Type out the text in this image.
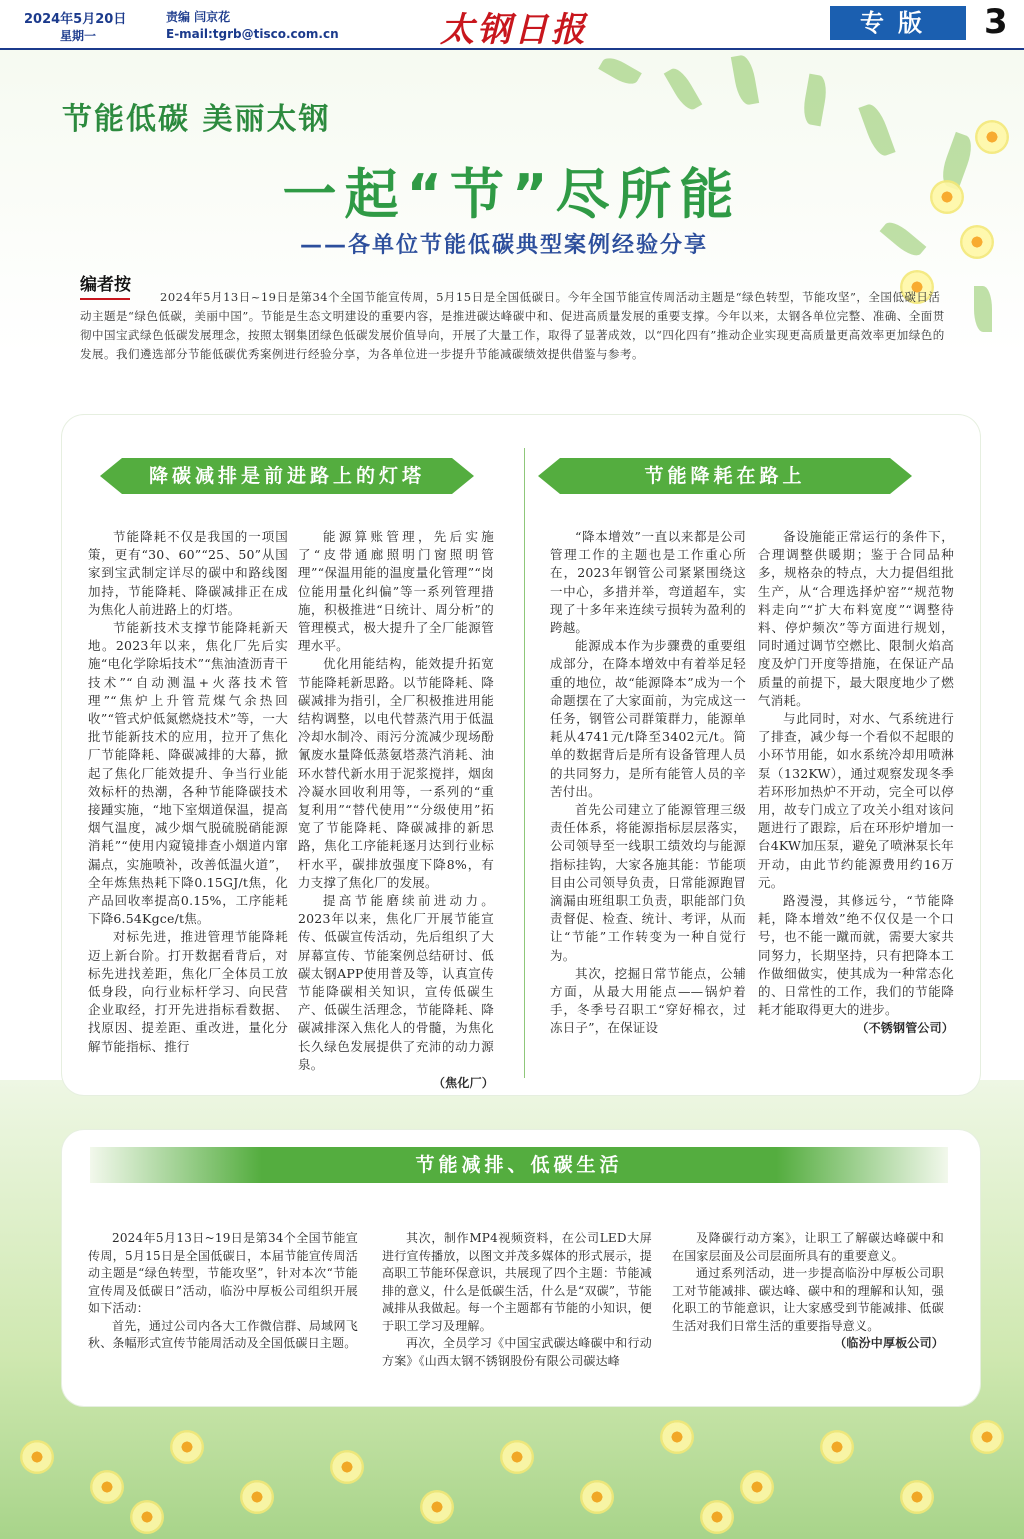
2024年5月20日
星期一
责编 闫京花
E-mail:tgrb@tisco.com.cn	太钢日报	专版	3
节能低碳 美丽太钢
一起“节”尽所能
——各单位节能低碳典型案例经验分享
编者按
2024年5月13日~19日是第34个全国节能宣传周，5月15日是全国低碳日。今年全国节能宣传周活动主题是“绿色转型，节能攻坚”，全国低碳日活动主题是“绿色低碳，美丽中国”。节能是生态文明建设的重要内容，是推进碳达峰碳中和、促进高质量发展的重要支撑。今年以来，太钢各单位完整、准确、全面贯彻中国宝武绿色低碳发展理念，按照太钢集团绿色低碳发展价值导向，开展了大量工作，取得了显著成效，以“四化四有”推动企业实现更高质量更高效率更加绿色的发展。我们遴选部分节能低碳优秀案例进行经验分享，为各单位进一步提升节能减碳绩效提供借鉴与参考。
降碳减排是前进路上的灯塔	节能降耗在路上

节能降耗不仅是我国的一项国策，更有“30、60”“25、50”从国家到宝武制定详尽的碳中和路线图加持，节能降耗、降碳减排正在成为焦化人前进路上的灯塔。

节能新技术支撑节能降耗新天地。2023年以来，焦化厂先后实施“电化学除垢技术”“焦油渣沥青干技术”“自动测温+火落技术管理”“焦炉上升管荒煤气余热回收”“管式炉低氮燃烧技术”等，一大批节能新技术的应用，拉开了焦化厂节能降耗、降碳减排的大幕，掀起了焦化厂能效提升、争当行业能效标杆的热潮，各种节能降碳技术接踵实施，“地下室烟道保温，提高烟气温度，减少烟气脱硫脱硝能源消耗”“使用内窥镜排查小烟道内窜漏点，实施喷补，改善低温火道”，全年炼焦热耗下降0.15GJ/t焦，化产品回收率提高0.15%，工序能耗下降6.54Kgce/t焦。

对标先进，推进管理节能降耗迈上新台阶。打开数据看背后，对标先进找差距，焦化厂全体员工放低身段，向行业标杆学习、向民营企业取经，打开先进指标看数据、找原因、提差距、重改进，量化分解节能指标、推行

能源算账管理，先后实施了“皮带通廊照明门窗照明管理”“保温用能的温度量化管理”“岗位能用量化纠偏”等一系列管理措施，积极推进“日统计、周分析”的管理模式，极大提升了全厂能源管理水平。

优化用能结构，能效提升拓宽节能降耗新思路。以节能降耗、降碳减排为指引，全厂积极推进用能结构调整，以电代替蒸汽用于低温冷却水制冷、雨污分流减少现场酚氰废水量降低蒸氨塔蒸汽消耗、油环水替代新水用于泥浆搅拌，烟囱冷凝水回收利用等，一系列的“重复利用”“替代使用”“分级使用”拓宽了节能降耗、降碳减排的新思路，焦化工序能耗逐月达到行业标杆水平，碳排放强度下降8%，有力支撑了焦化厂的发展。

提高节能磨续前进动力。2023年以来，焦化厂开展节能宣传、低碳宣传活动，先后组织了大屏幕宣传、节能案例总结研讨、低碳太钢APP使用普及等，认真宣传节能降碳相关知识，宣传低碳生产、低碳生活理念，节能降耗、降碳减排深入焦化人的骨髓，为焦化长久绿色发展提供了充沛的动力源泉。

（焦化厂）

“降本增效”一直以来都是公司管理工作的主题也是工作重心所在，2023年钢管公司紧紧围绕这一中心，多措并举，弯道超车，实现了十多年来连续亏损转为盈利的跨越。

能源成本作为步骤费的重要组成部分，在降本增效中有着举足轻重的地位，故“能源降本”成为一个命题摆在了大家面前，为完成这一任务，钢管公司群策群力，能源单耗从4741元/t降至3402元/t。简单的数据背后是所有设备管理人员的共同努力，是所有能管人员的辛苦付出。

首先公司建立了能源管理三级责任体系，将能源指标层层落实，公司领导至一线职工绩效均与能源指标挂钩，大家各施其能：节能项目由公司领导负责，日常能源跑冒滴漏由班组职工负责，职能部门负责督促、检查、统计、考评，从而让“节能”工作转变为一种自觉行为。

其次，挖掘日常节能点，公辅方面，从最大用能点——锅炉着手，冬季号召职工“穿好棉衣，过冻日子”，在保证设

备设施能正常运行的条件下，合理调整供暖期；鉴于合同品种多，规格杂的特点，大力提倡组批生产，从“合理选择炉窑”“规范物料走向”“扩大布料宽度”“调整待料、停炉频次”等方面进行规划，同时通过调节空燃比、限制火焰高度及炉门开度等措施，在保证产品质量的前提下，最大限度地少了燃气消耗。

与此同时，对水、气系统进行了排查，减少每一个看似不起眼的小环节用能，如水系统冷却用喷淋泵（132KW），通过观察发现冬季若环形加热炉不开动，完全可以停用，故专门成立了攻关小组对该问题进行了跟踪，后在环形炉增加一台4KW加压泵，避免了喷淋泵长年开动，由此节约能源费用约16万元。

路漫漫，其修远兮，“节能降耗，降本增效”绝不仅仅是一个口号，也不能一蹴而就，需要大家共同努力，长期坚持，只有把降本工作做细做实，使其成为一种常态化的、日常性的工作，我们的节能降耗才能取得更大的进步。

（不锈钢管公司）
节能减排、低碳生活

2024年5月13日~19日是第34个全国节能宣传周，5月15日是全国低碳日，本届节能宣传周活动主题是“绿色转型，节能攻坚”，针对本次“节能宣传周及低碳日”活动，临汾中厚板公司组织开展如下活动：

首先，通过公司内各大工作微信群、局域网飞秋、条幅形式宣传节能周活动及全国低碳日主题。

其次，制作MP4视频资料，在公司LED大屏进行宣传播放，以图文并茂多媒体的形式展示，提高职工节能环保意识，共展现了四个主题：节能减排的意义，什么是低碳生活，什么是“双碳”，节能减排从我做起。每一个主题都有节能的小知识，便于职工学习及理解。

再次，全员学习《中国宝武碳达峰碳中和行动方案》《山西太钢不锈钢股份有限公司碳达峰

及降碳行动方案》，让职工了解碳达峰碳中和在国家层面及公司层面所具有的重要意义。

通过系列活动，进一步提高临汾中厚板公司职工对节能减排、碳达峰、碳中和的理解和认知，强化职工的节能意识，让大家感受到节能减排、低碳生活对我们日常生活的重要指导意义。

（临汾中厚板公司）
